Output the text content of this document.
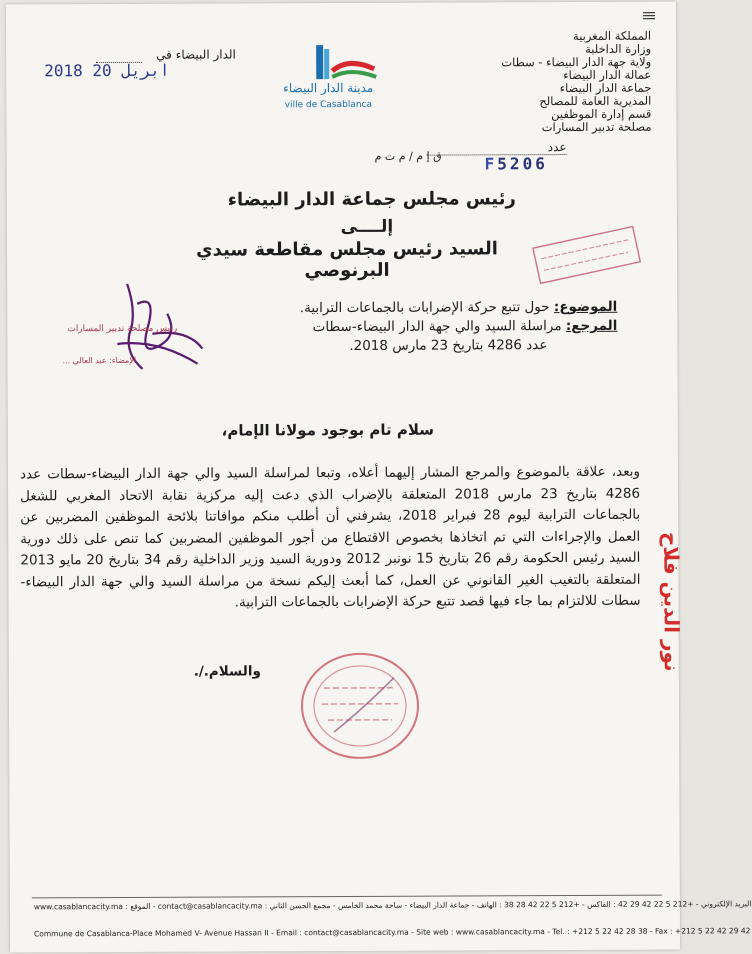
المملكة المغربية
وزارة الداخلية
ولاية جهة الدار البيضاء - سطات
عمالة الدار البيضاء
جماعة الدار البيضاء
المديرية العامة للمصالح
قسم إدارة الموظفين
مصلحة تدبير المسارات
مدينة الدار البيضاء
ville de Casablanca
الدار البيضاء في
2018 ابريل 20
عدد
ق إ م / م ت م	F5206
رئيس مجلس جماعة الدار البيضاء
إلــــى
السيد رئيس مجلس مقاطعة سيدي البرنوصي
رئيس مصلحة تدبير المسارات
الإمضاء: عبد العالي ...
الموضوع: حول تتبع حركة الإضرابات بالجماعات الترابية.
المرجع: مراسلة السيد والي جهة الدار البيضاء-سطات
عدد 4286 بتاريخ 23 مارس 2018.
سلام تام بوجود مولانا الإمام،
وبعد، علاقة بالموضوع والمرجع المشار إليهما أعلاه، وتبعا لمراسلة السيد والي جهة الدار البيضاء-سطات عدد 4286 بتاريخ 23 مارس 2018 المتعلقة بالإضراب الذي دعت إليه مركزية نقابة الاتحاد المغربي للشغل بالجماعات الترابية ليوم 28 فبراير 2018، يشرفني أن أطلب منكم موافاتنا بلائحة الموظفين المضربين عن العمل والإجراءات التي تم اتخاذها بخصوص الاقتطاع من أجور الموظفين المضربين كما تنص على ذلك دورية السيد رئيس الحكومة رقم 26 بتاريخ 15 نونبر 2012 ودورية السيد وزير الداخلية رقم 34 بتاريخ 20 مايو 2013 المتعلقة بالتغيب الغير القانوني عن العمل، كما أبعث إليكم نسخة من مراسلة السيد والي جهة الدار البيضاء-سطات للالتزام بما جاء فيها قصد تتبع حركة الإضرابات بالجماعات الترابية.
والسلام./.	نور الدين فلاح
www.casablancacity.ma : الموقع - contact@casablancacity.ma : البريد الإلكتروني - +212 5 22 42 29 42 : الفاكس - +212 5 22 42 28 38 : الهاتف - جماعة الدار البيضاء - ساحة محمد الخامس - مجمع الحسن الثاني
Commune de Casablanca-Place Mohamed V- Avenue Hassan II - Email : contact@casablancacity.ma - Site web : www.casablancacity.ma - Tel. : +212 5 22 42 28 38 - Fax : +212 5 22 42 29 42
